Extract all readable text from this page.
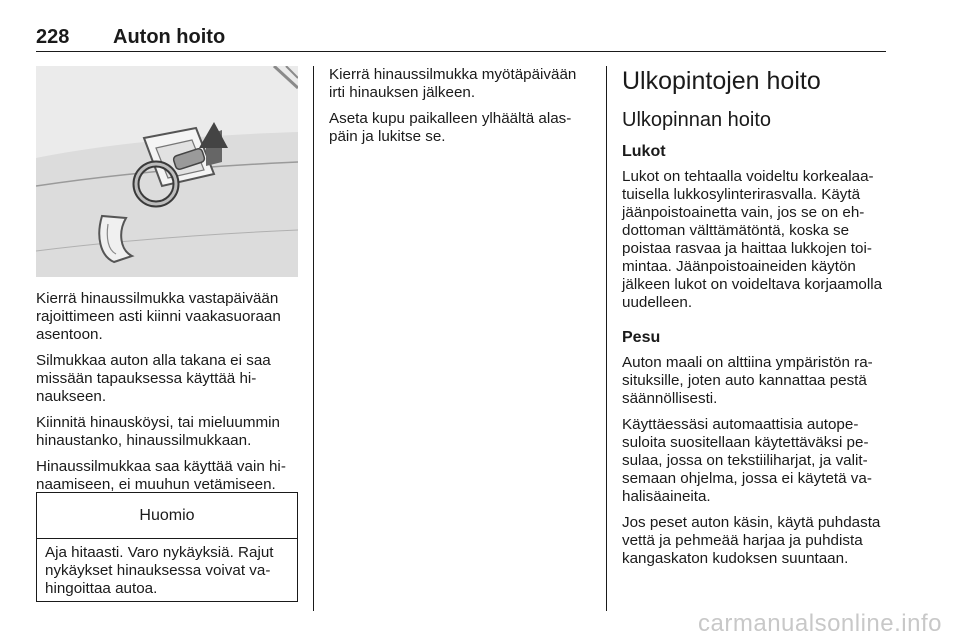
228 Auton hoito

Kierrä hinaussilmukka vastapäivään rajoittimeen asti kiinni vaakasuoraan asentoon.

Silmukkaa auton alla takana ei saa missään tapauksessa käyttää hinaukseen.

Kiinnitä hinausköysi, tai mieluummin hinaustanko, hinaussilmukkaan.

Hinaussilmukkaa saa käyttää vain hinaamiseen, ei muuhun vetämiseen.

Huomio
Aja hitaasti. Varo nykäyksiä. Rajut nykäykset hinauksessa voivat vahingoittaa autoa.

Kierrä hinaussilmukka myötäpäivään irti hinauksen jälkeen.

Aseta kupu paikalleen ylhäältä alaspäin ja lukitse se.

Ulkopintojen hoito
Ulkopinnan hoito
Lukot

Lukot on tehtaalla voideltu korkealaatuisella lukkosylinterirasvalla. Käytä jäänpoistoainetta vain, jos se on ehdottoman välttämätöntä, koska se poistaa rasvaa ja haittaa lukkojen toimintaa. Jäänpoistoaineiden käytön jälkeen lukot on voideltava korjaamolla uudelleen.

Pesu

Auton maali on alttiina ympäristön rasituksille, joten auto kannattaa pestä säännöllisesti.

Käyttäessäsi automaattisia autopesuloita suositellaan käytettäväksi pesulaa, jossa on tekstiiliharjat, ja valitsemaan ohjelma, jossa ei käytetä vahalisäaineita.

Jos peset auton käsin, käytä puhdasta vettä ja pehmeää harjaa ja puhdista kangaskaton kudoksen suuntaan.

carmanualsonline.info
